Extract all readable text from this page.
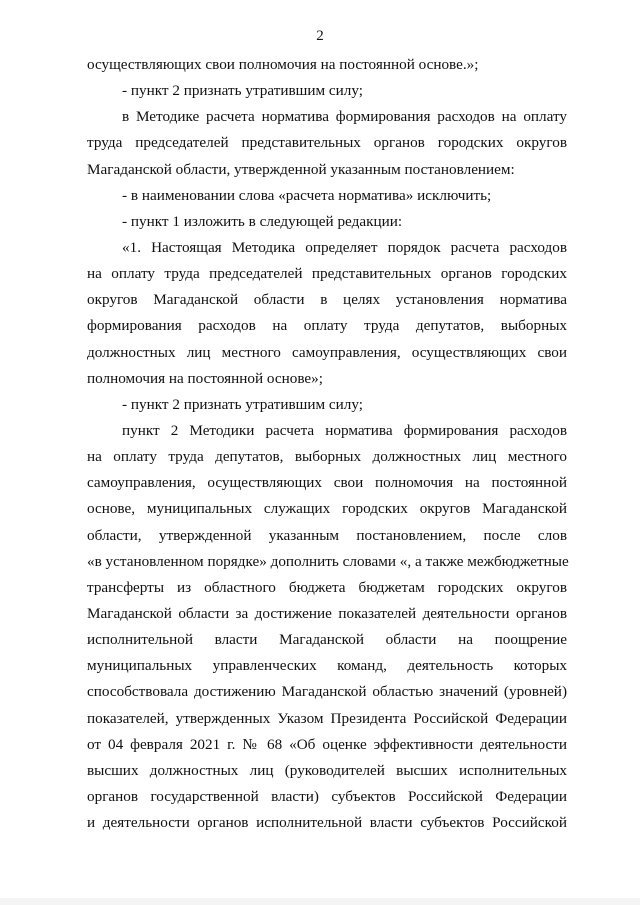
2
осуществляющих свои полномочия на постоянной основе.»;
- пункт 2 признать утратившим силу;
в Методике расчета норматива формирования расходов на оплату
труда председателей представительных органов городских округов
Магаданской области, утвержденной указанным постановлением:
- в наименовании слова «расчета норматива» исключить;
- пункт 1 изложить в следующей редакции:
«1. Настоящая Методика определяет порядок расчета расходов
на оплату труда председателей представительных органов городских
округов Магаданской области в целях установления норматива
формирования расходов на оплату труда депутатов, выборных
должностных лиц местного самоуправления, осуществляющих свои
полномочия на постоянной основе»;
- пункт 2 признать утратившим силу;
пункт 2 Методики расчета норматива формирования расходов
на оплату труда депутатов, выборных должностных лиц местного
самоуправления, осуществляющих свои полномочия на постоянной
основе, муниципальных служащих городских округов Магаданской
области, утвержденной указанным постановлением, после слов
«в установленном порядке» дополнить словами «, а также межбюджетные
трансферты из областного бюджета бюджетам городских округов
Магаданской области за достижение показателей деятельности органов
исполнительной власти Магаданской области на поощрение
муниципальных управленческих команд, деятельность которых
способствовала достижению Магаданской областью значений (уровней)
показателей, утвержденных Указом Президента Российской Федерации
от 04 февраля 2021 г. № 68 «Об оценке эффективности деятельности
высших должностных лиц (руководителей высших исполнительных
органов государственной власти) субъектов Российской Федерации
и деятельности органов исполнительной власти субъектов Российской
